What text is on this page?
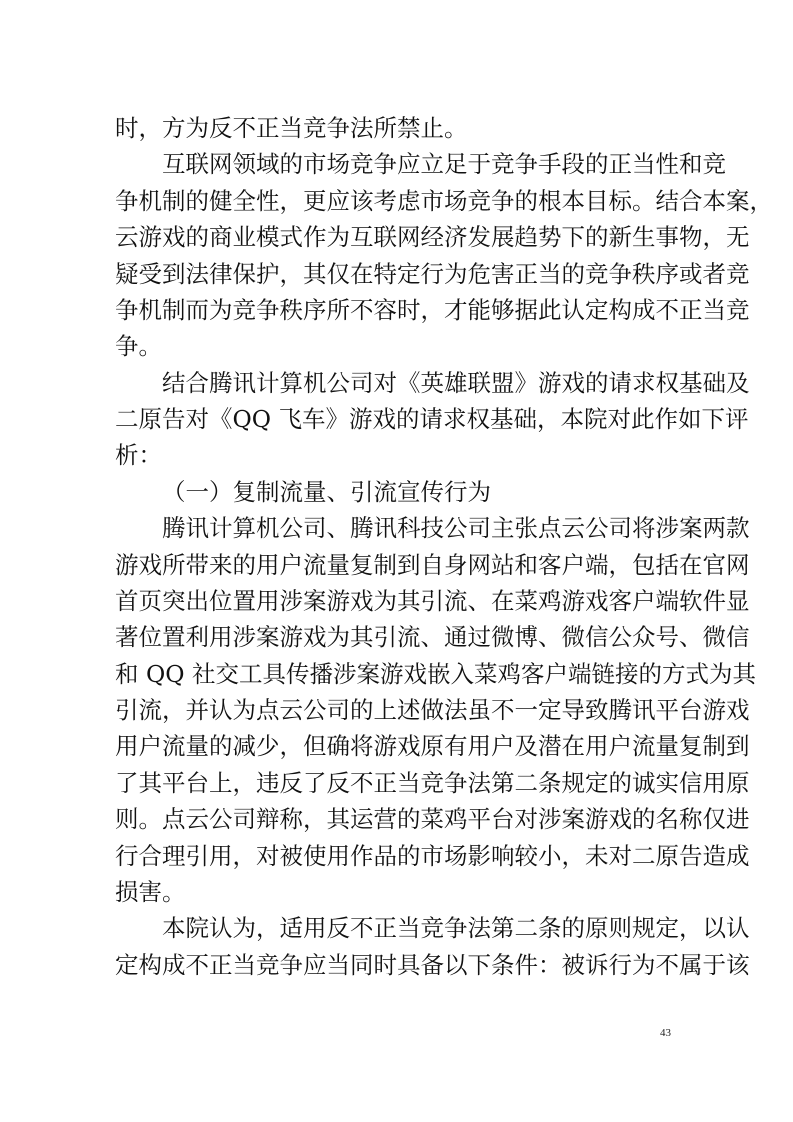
时，方为反不正当竞争法所禁止。
互联网领域的市场竞争应立足于竞争手段的正当性和竞
争机制的健全性，更应该考虑市场竞争的根本目标。结合本案，
云游戏的商业模式作为互联网经济发展趋势下的新生事物，无
疑受到法律保护，其仅在特定行为危害正当的竞争秩序或者竞
争机制而为竞争秩序所不容时，才能够据此认定构成不正当竞
争。
结合腾讯计算机公司对《英雄联盟》游戏的请求权基础及
二原告对《QQ 飞车》游戏的请求权基础，本院对此作如下评
析：
（一）复制流量、引流宣传行为
腾讯计算机公司、腾讯科技公司主张点云公司将涉案两款
游戏所带来的用户流量复制到自身网站和客户端，包括在官网
首页突出位置用涉案游戏为其引流、在菜鸡游戏客户端软件显
著位置利用涉案游戏为其引流、通过微博、微信公众号、微信
和 QQ 社交工具传播涉案游戏嵌入菜鸡客户端链接的方式为其
引流，并认为点云公司的上述做法虽不一定导致腾讯平台游戏
用户流量的减少，但确将游戏原有用户及潜在用户流量复制到
了其平台上，违反了反不正当竞争法第二条规定的诚实信用原
则。点云公司辩称，其运营的菜鸡平台对涉案游戏的名称仅进
行合理引用，对被使用作品的市场影响较小，未对二原告造成
损害。
本院认为，适用反不正当竞争法第二条的原则规定，以认
定构成不正当竞争应当同时具备以下条件：被诉行为不属于该
43
